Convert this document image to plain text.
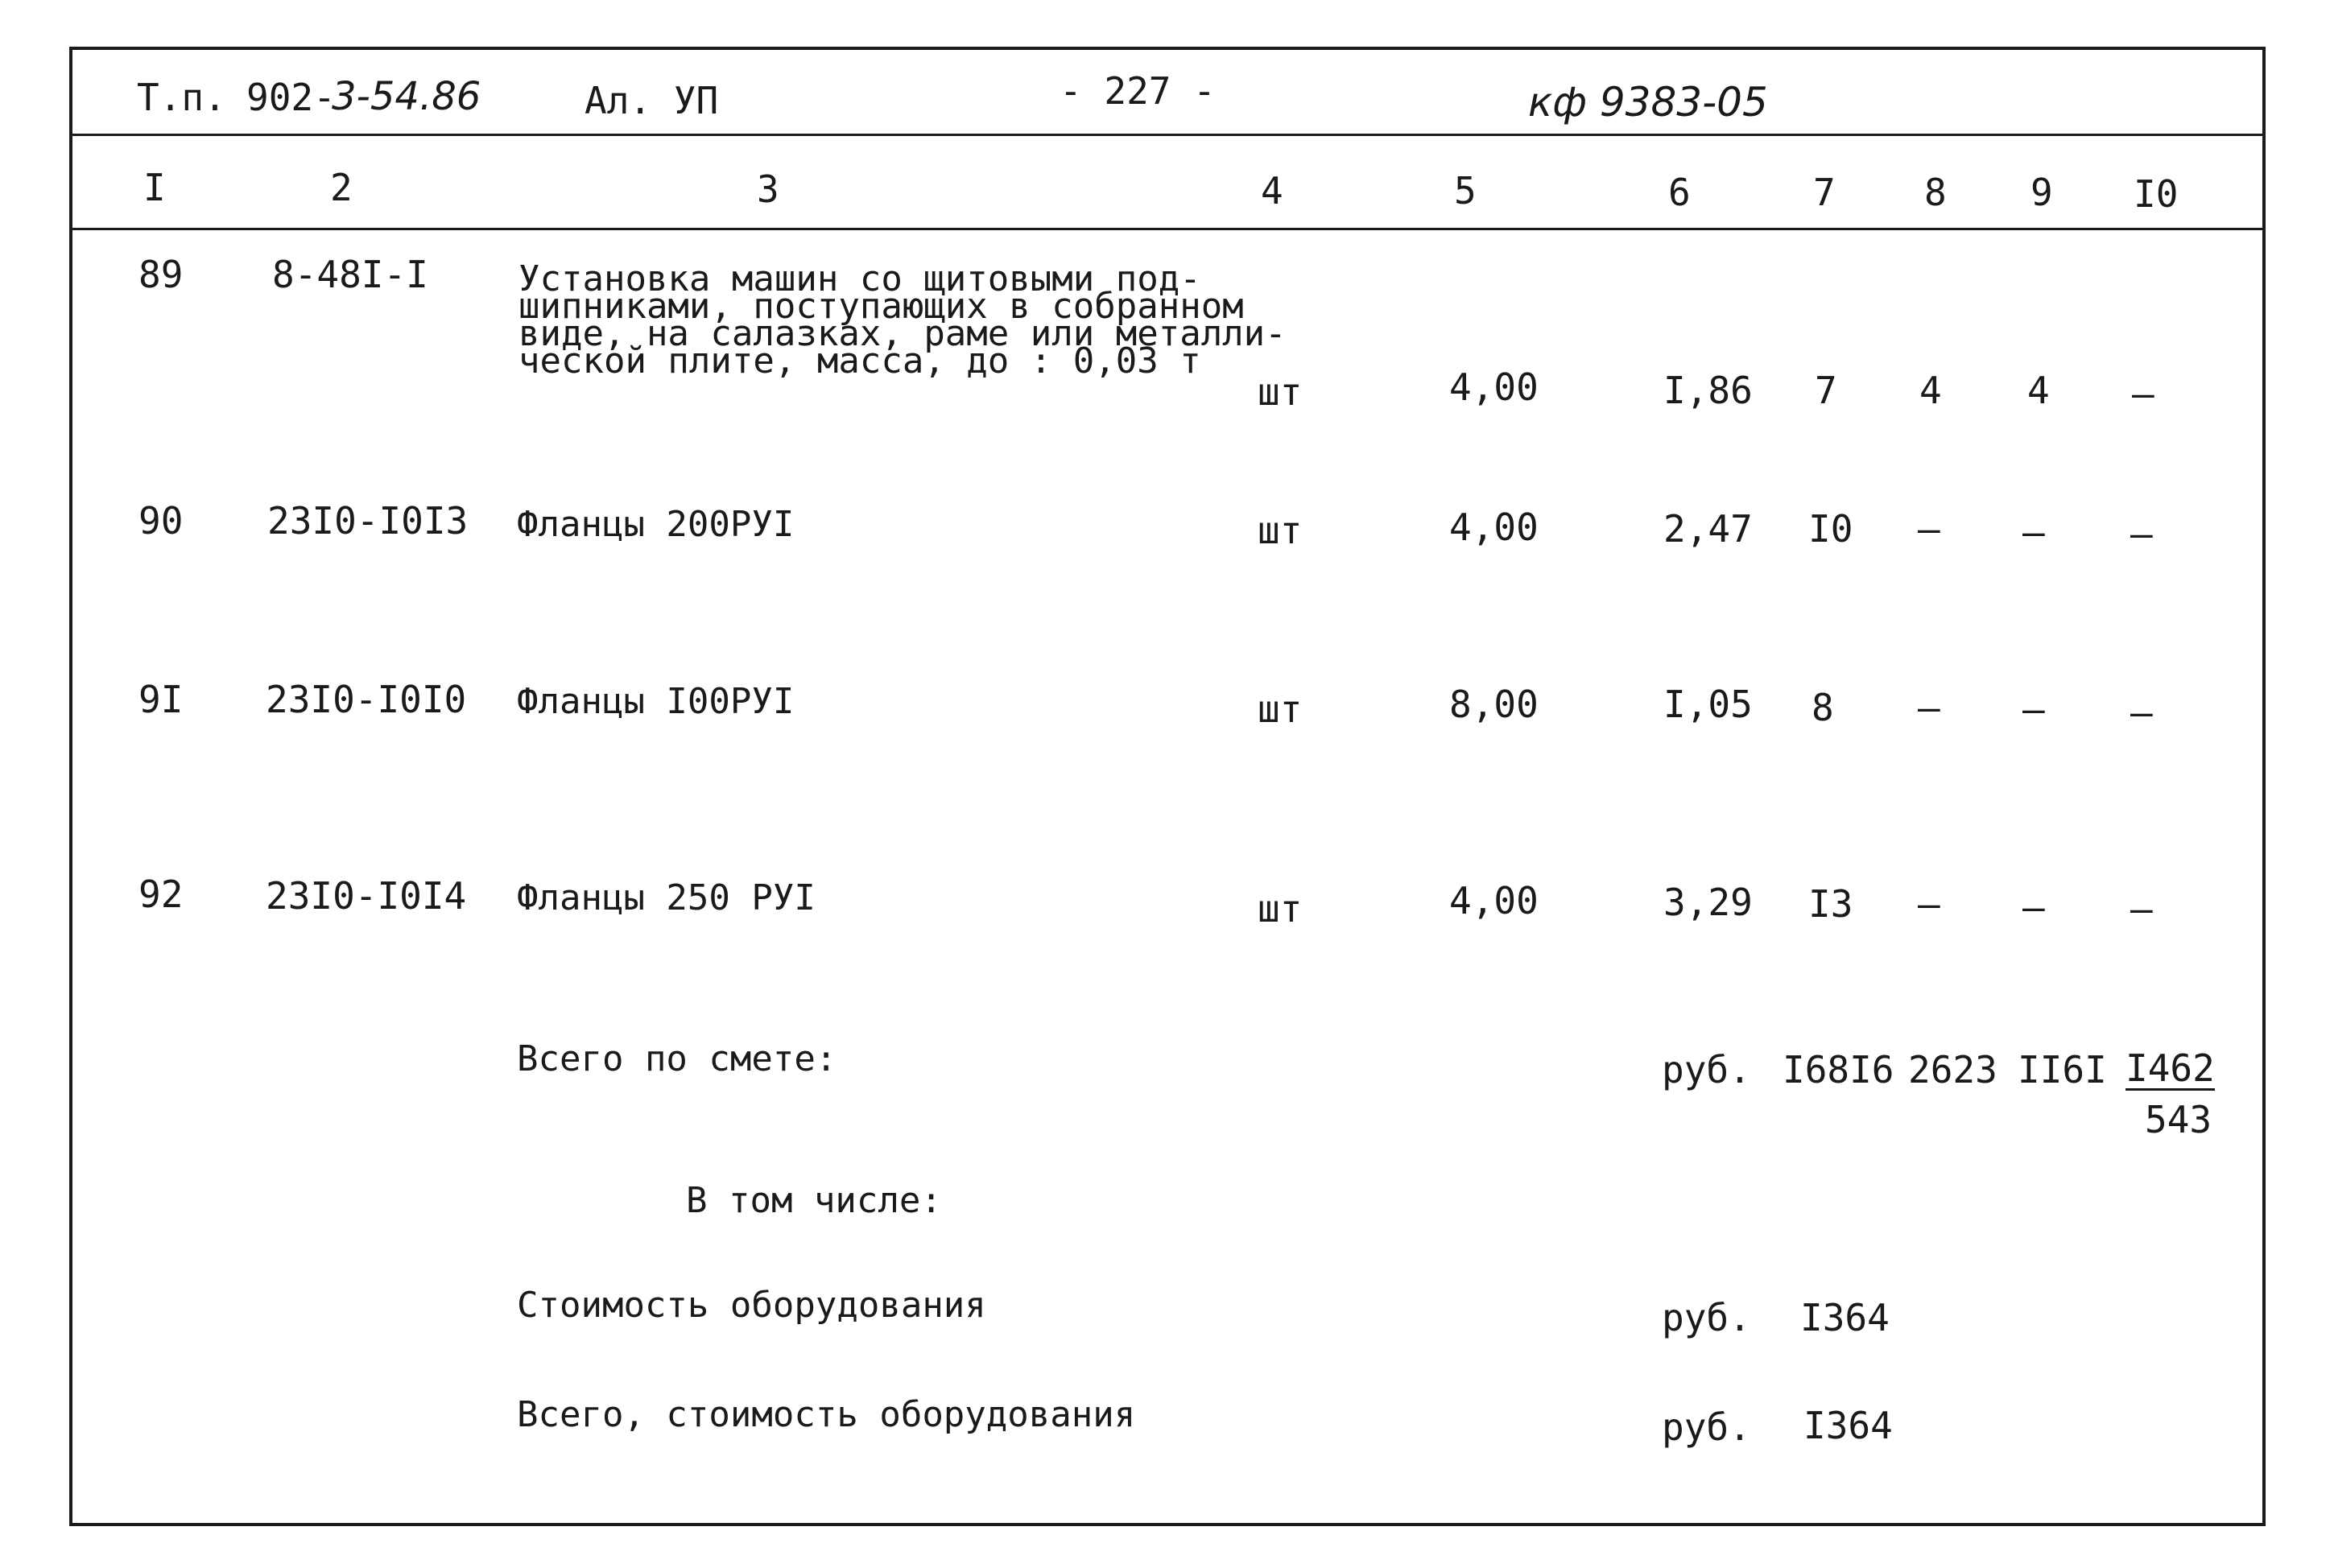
Т.п. 902-
3-54.86	Ал. УП	- 227 -	кф 9383-05
I	2	3	4	5	6	7 8 9 I0
89 8-48I-I	Установка машин со щитовыми под-
шипниками, поступающих в собранном
виде, на салазках, раме или металли-
ческой плите, масса, до : 0,03 т
шт	4,00	I,86 7 4 4 –
90 23I0-I0I3 Фланцы 200РУI	шт	4,00	2,47 I0 – – –
9I 23I0-I0I0 Фланцы I00РУI	шт	8,00	I,05 8 – – –
92 23I0-I0I4 Фланцы 250 РУI	шт	4,00	3,29 I3 – – –
Всего по смете:	руб. I68I6 2623 II6I I462
543
В том числе:
Стоимость оборудования	руб. I364
Всего, стоимость оборудования	руб. I364
